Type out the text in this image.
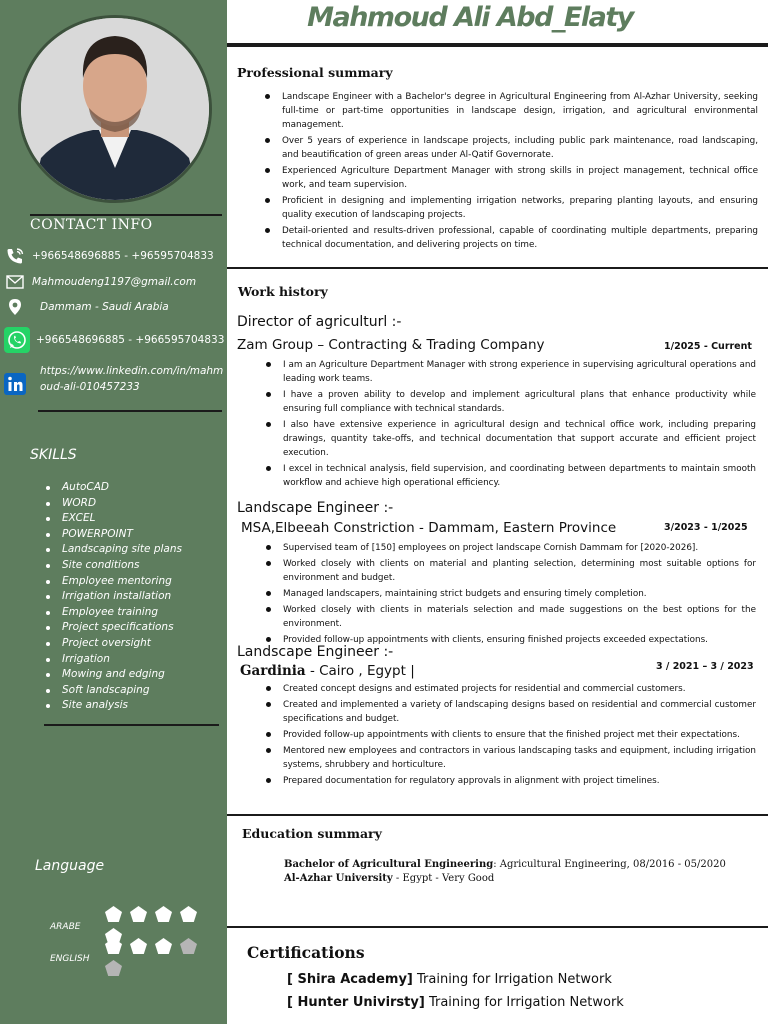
CONTACT INFO
+966548696885 - +96595704833
Mahmoudeng1197@gmail.com
Dammam - Saudi Arabia
+966548696885 - +966595704833
https://www.linkedin.com/in/mahmoud-ali-010457233
SKILLS
AutoCAD
WORD
EXCEL
POWERPOINT
Landscaping site plans
Site conditions
Employee mentoring
Irrigation installation
Employee training
Project specifications
Project oversight
Irrigation
Mowing and edging
Soft landscaping
Site analysis
Language
ARABE
ENGLISH
Mahmoud Ali Abd_Elaty
Professional summary
Landscape Engineer with a Bachelor's degree in Agricultural Engineering from Al-Azhar University, seeking full-time or part-time opportunities in landscape design, irrigation, and agricultural environmental management.
Over 5 years of experience in landscape projects, including public park maintenance, road landscaping, and beautification of green areas under Al-Qatif Governorate.
Experienced Agriculture Department Manager with strong skills in project management, technical office work, and team supervision.
Proficient in designing and implementing irrigation networks, preparing planting layouts, and ensuring quality execution of landscaping projects.
Detail-oriented and results-driven professional, capable of coordinating multiple departments, preparing technical documentation, and delivering projects on time.
Work history
Director of agriculturl :-
Zam Group – Contracting & Trading Company	1/2025 - Current
I am an Agriculture Department Manager with strong experience in supervising agricultural operations and leading work teams.
I have a proven ability to develop and implement agricultural plans that enhance productivity while ensuring full compliance with technical standards.
I also have extensive experience in agricultural design and technical office work, including preparing drawings, quantity take-offs, and technical documentation that support accurate and efficient project execution.
I excel in technical analysis, field supervision, and coordinating between departments to maintain smooth workflow and achieve high operational efficiency.
Landscape Engineer :-
MSA,Elbeeah Constriction - Dammam, Eastern Province	3/2023 - 1/2025
Supervised team of [150] employees on project landscape Cornish Dammam for [2020-2026].
Worked closely with clients on material and planting selection, determining most suitable options for environment and budget.
Managed landscapers, maintaining strict budgets and ensuring timely completion.
Worked closely with clients in materials selection and made suggestions on the best options for the environment.
Provided follow-up appointments with clients, ensuring finished projects exceeded expectations.
Landscape Engineer :-
Gardinia - Cairo , Egypt |	3 / 2021 – 3 / 2023
Created concept designs and estimated projects for residential and commercial customers.
Created and implemented a variety of landscaping designs based on residential and commercial customer specifications and budget.
Provided follow-up appointments with clients to ensure that the finished project met their expectations.
Mentored new employees and contractors in various landscaping tasks and equipment, including irrigation systems, shrubbery and horticulture.
Prepared documentation for regulatory approvals in alignment with project timelines.
Education summary
Bachelor of Agricultural Engineering: Agricultural Engineering, 08/2016 - 05/2020
Al-Azhar University - Egypt - Very Good
Certifications
[ Shira Academy] Training for Irrigation Network
[ Hunter Univirsty] Training for Irrigation Network
